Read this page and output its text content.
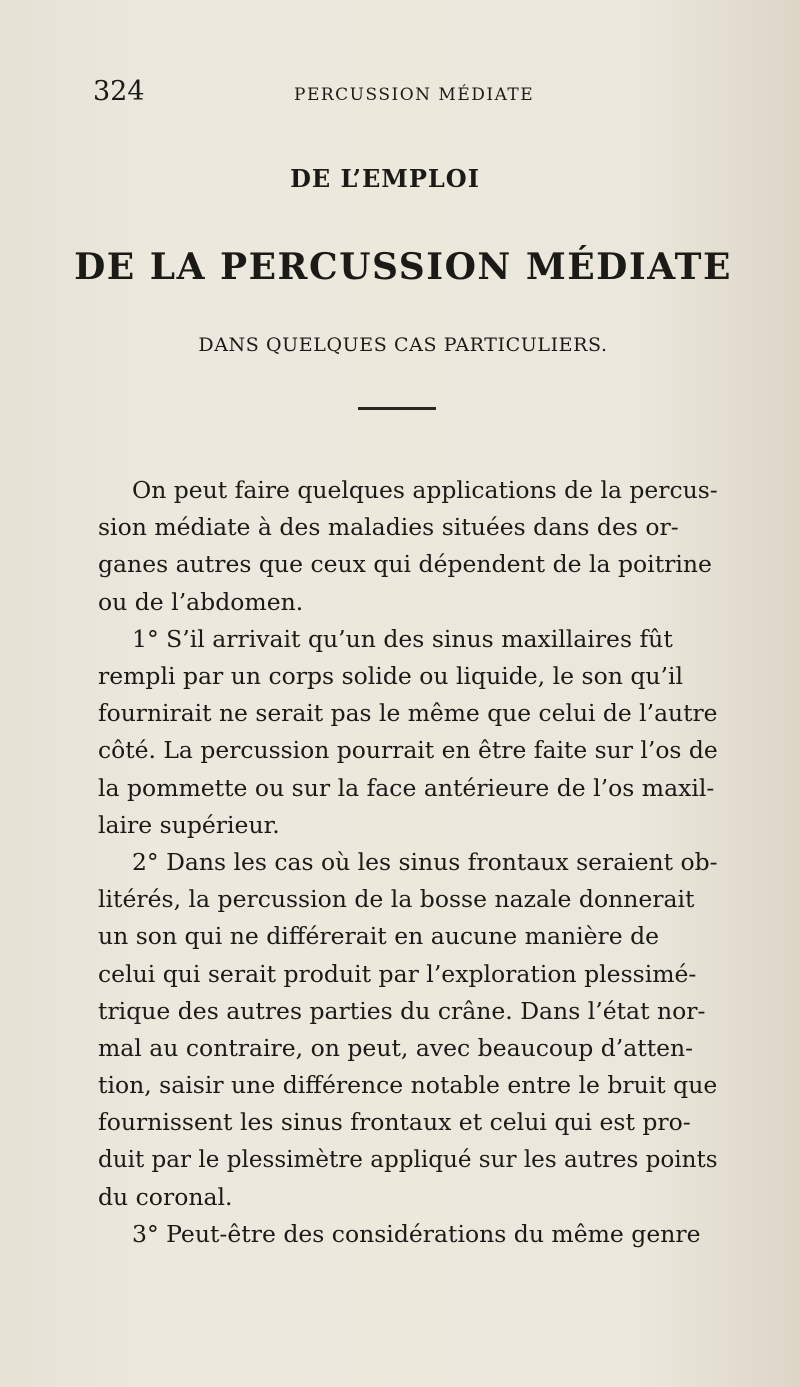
324	PERCUSSION MÉDIATE
DE L’EMPLOI
DE LA PERCUSSION MÉDIATE
DANS QUELQUES CAS PARTICULIERS.
On peut faire quelques applications de la percus-
sion médiate à des maladies situées dans des or-
ganes autres que ceux qui dépendent de la poitrine
ou de l’abdomen.
1° S’il arrivait qu’un des sinus maxillaires fût
rempli par un corps solide ou liquide, le son qu’il
fournirait ne serait pas le même que celui de l’autre
côté. La percussion pourrait en être faite sur l’os de
la pommette ou sur la face antérieure de l’os maxil-
laire supérieur.
2° Dans les cas où les sinus frontaux seraient ob-
litérés, la percussion de la bosse nazale donnerait
un son qui ne différerait en aucune manière de
celui qui serait produit par l’exploration plessimé-
trique des autres parties du crâne. Dans l’état nor-
mal au contraire, on peut, avec beaucoup d’atten-
tion, saisir une différence notable entre le bruit que
fournissent les sinus frontaux et celui qui est pro-
duit par le plessimètre appliqué sur les autres points
du coronal.
3° Peut-être des considérations du même genre
